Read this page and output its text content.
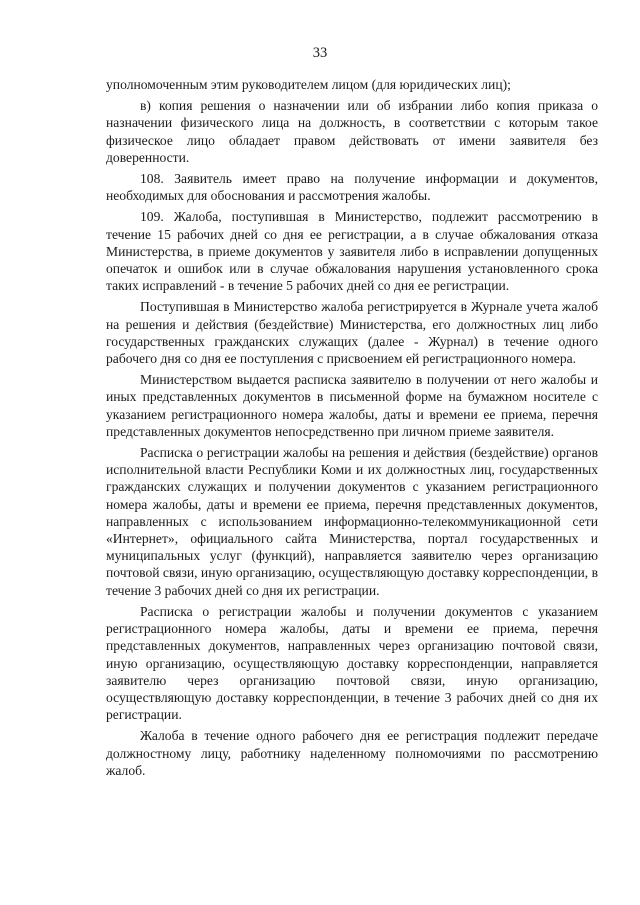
33

уполномоченным этим руководителем лицом (для юридических лиц);

в) копия решения о назначении или об избрании либо копия приказа о назначении физического лица на должность, в соответствии с которым такое физическое лицо обладает правом действовать от имени заявителя без доверенности.

108. Заявитель имеет право на получение информации и документов, необходимых для обоснования и рассмотрения жалобы.

109. Жалоба, поступившая в Министерство, подлежит рассмотрению в течение 15 рабочих дней со дня ее регистрации, а в случае обжалования отказа Министерства, в приеме документов у заявителя либо в исправлении допущенных опечаток и ошибок или в случае обжалования нарушения установленного срока таких исправлений - в течение 5 рабочих дней со дня ее регистрации.

Поступившая в Министерство жалоба регистрируется в Журнале учета жалоб на решения и действия (бездействие) Министерства, его должностных лиц либо государственных гражданских служащих (далее - Журнал) в течение одного рабочего дня со дня ее поступления с присвоением ей регистрационного номера.

Министерством выдается расписка заявителю в получении от него жалобы и иных представленных документов в письменной форме на бумажном носителе с указанием регистрационного номера жалобы, даты и времени ее приема, перечня представленных документов непосредственно при личном приеме заявителя.

Расписка о регистрации жалобы на решения и действия (бездействие) органов исполнительной власти Республики Коми и их должностных лиц, государственных гражданских служащих и получении документов с указанием регистрационного номера жалобы, даты и времени ее приема, перечня представленных документов, направленных с использованием информационно-телекоммуникационной сети «Интернет», официального сайта Министерства, портал государственных и муниципальных услуг (функций), направляется заявителю через организацию почтовой связи, иную организацию, осуществляющую доставку корреспонденции, в течение 3 рабочих дней со дня их регистрации.

Расписка о регистрации жалобы и получении документов с указанием регистрационного номера жалобы, даты и времени ее приема, перечня представленных документов, направленных через организацию почтовой связи, иную организацию, осуществляющую доставку корреспонденции, направляется заявителю через организацию почтовой связи, иную организацию, осуществляющую доставку корреспонденции, в течение 3 рабочих дней со дня их регистрации.

Жалоба в течение одного рабочего дня ее регистрация подлежит передаче должностному лицу, работнику наделенному полномочиями по рассмотрению жалоб.
